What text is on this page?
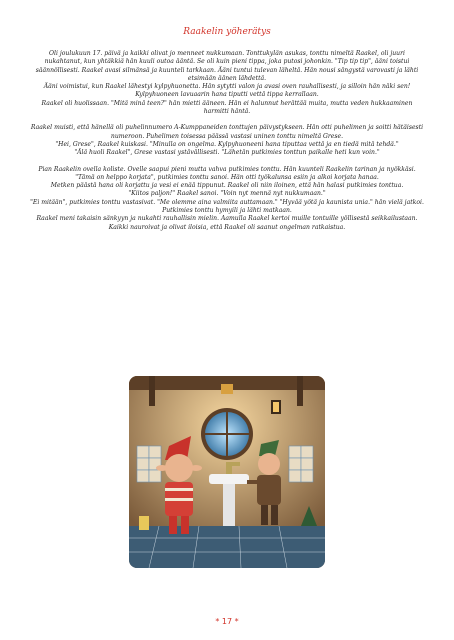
Raakelin yöherätys

Oli joulukuun 17. päivä ja kaikki olivat jo menneet nukkumaan. Tonttukylän asukas, tonttu nimeltä Raakel, oli juuri nukahtanut, kun yhtäkkiä hän kuuli outoa ääntä. Se oli kuin pieni tippa, joka putosi johonkin. "Tip tip tip", ääni toistui säännöllisesti. Raakel avasi silmänsä ja kuunteli tarkkaan. Ääni tuntui tulevan läheltä. Hän nousi sängystä varovasti ja lähti etsimään äänen lähdettä.

Ääni voimistui, kun Raakel lähestyi kylpyhuonetta. Hän sytytti valon ja avasi oven rauhallisesti, ja silloin hän näki sen! Kylpyhuoneen lavuaarin hana tiputti vettä tippa kerrallaan.

Raakel oli huolissaan. "Mitä minä teen?" hän mietti ääneen. Hän ei halunnut herättää muita, mutta veden hukkaaminen harmitti häntä.

Raakel muisti, että hänellä oli puhelinnumero A-Kumppaneiden tonttujen päivystykseen. Hän otti puhelimen ja soitti hätäisesti numeroon. Puhelimen toisessa päässä vastasi uninen tonttu nimeltä Grese.

"Hei, Grese", Raakel kuiskasi. "Minulla on ongelma. Kylpyhuoneeni hana tiputtaa vettä ja en tiedä mitä tehdä."

"Älä huoli Raakel", Grese vastasi ystävällisesti. "Lähetän putkimies tonttun paikalle heti kun voin."

Pian Raakelin ovella koliste. Ovelle saapui pieni mutta vahva putkimies tonttu. Hän kuunteli Raakelin tarinan ja nyökkäsi. "Tämä on helppo korjata", putkimies tonttu sanoi. Hän otti työkalunsa esiin ja alkoi korjata hanaa.

Metken päästä hana oli korjattu ja vesi ei enää tippunut. Raakel oli niin iloinen, että hän halasi putkimies tonttua.

"Kiitos paljon!" Raakel sanoi. "Voin nyt mennä nyt nukkumaan."

"Ei mitään", putkimies tonttu vastasivat. "Me olemme aina valmiita auttamaan." "Hyvää yötä ja kaunista unia." hän vielä jatkoi. Putkimies tonttu hymyili ja lähti matkaan.

Raakel meni takaisin sänkyyn ja nukahti rauhallisin mielin. Aamulla Raakel kertoi muille tontuille yöllisestä seikkailustaan. Kaikki nauroivat ja olivat iloisia, että Raakel oli saanut ongelman ratkaistua.

* 17 *
